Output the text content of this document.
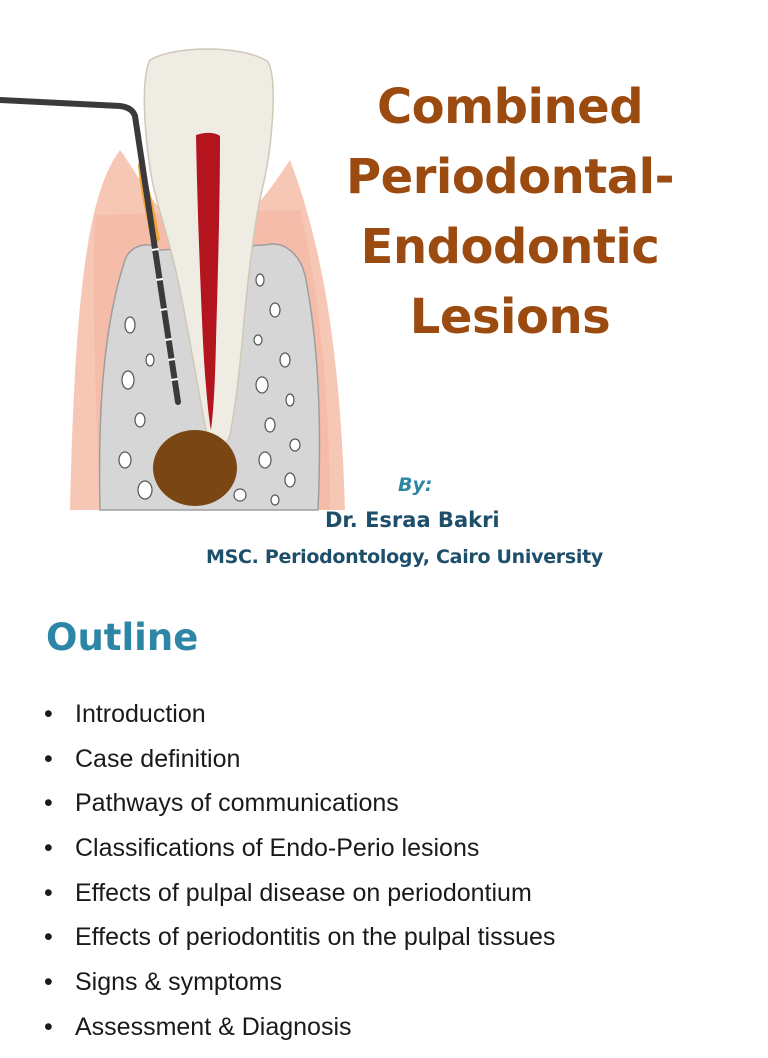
Combined
Periodontal-
Endodontic
Lesions
By:
Dr. Esraa Bakri
MSC. Periodontology, Cairo University
Outline
• Introduction
• Case definition
• Pathways of communications
• Classifications of Endo-Perio lesions
• Effects of pulpal disease on periodontium
• Effects of periodontitis on the pulpal tissues
• Signs & symptoms
• Assessment & Diagnosis
